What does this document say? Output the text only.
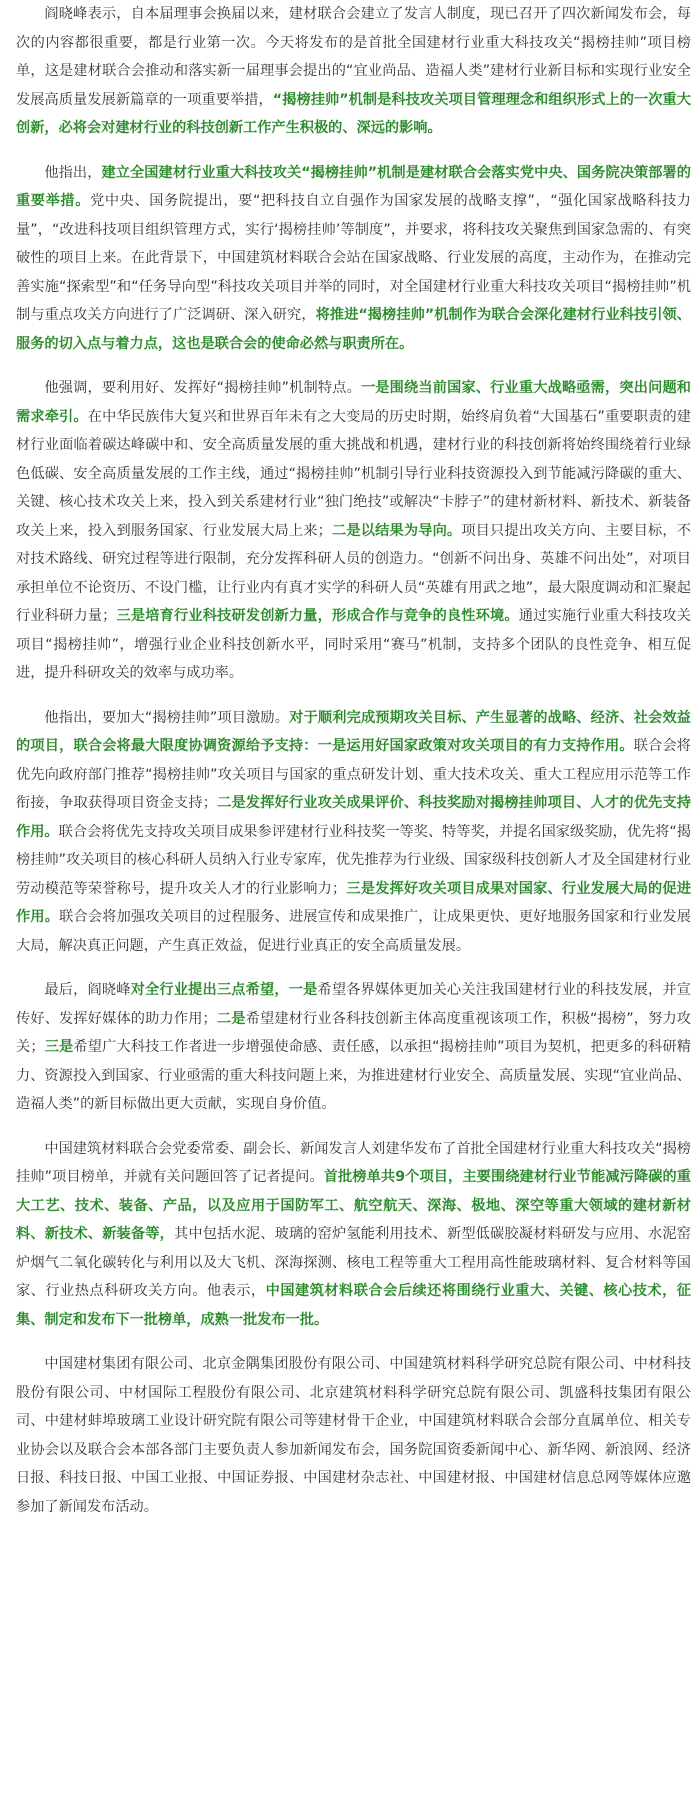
阎晓峰表示，自本届理事会换届以来，建材联合会建立了发言人制度，现已召开了四次新闻发布会，每次的内容都很重要，都是行业第一次。今天将发布的是首批全国建材行业重大科技攻关“揭榜挂帅”项目榜单，这是建材联合会推动和落实新一届理事会提出的“宜业尚品、造福人类”建材行业新目标和实现行业安全发展高质量发展新篇章的一项重要举措，“揭榜挂帅”机制是科技攻关项目管理理念和组织形式上的一次重大创新，必将会对建材行业的科技创新工作产生积极的、深远的影响。

他指出，建立全国建材行业重大科技攻关“揭榜挂帅”机制是建材联合会落实党中央、国务院决策部署的重要举措。党中央、国务院提出，要“把科技自立自强作为国家发展的战略支撑”，“强化国家战略科技力量”，“改进科技项目组织管理方式，实行‘揭榜挂帅’等制度”，并要求，将科技攻关聚焦到国家急需的、有突破性的项目上来。在此背景下，中国建筑材料联合会站在国家战略、行业发展的高度，主动作为，在推动完善实施“探索型”和“任务导向型”科技攻关项目并举的同时，对全国建材行业重大科技攻关项目“揭榜挂帅”机制与重点攻关方向进行了广泛调研、深入研究，将推进“揭榜挂帅”机制作为联合会深化建材行业科技引领、服务的切入点与着力点，这也是联合会的使命必然与职责所在。

他强调，要利用好、发挥好“揭榜挂帅”机制特点。一是围绕当前国家、行业重大战略亟需，突出问题和需求牵引。在中华民族伟大复兴和世界百年未有之大变局的历史时期，始终肩负着“大国基石”重要职责的建材行业面临着碳达峰碳中和、安全高质量发展的重大挑战和机遇，建材行业的科技创新将始终围绕着行业绿色低碳、安全高质量发展的工作主线，通过“揭榜挂帅”机制引导行业科技资源投入到节能减污降碳的重大、关键、核心技术攻关上来，投入到关系建材行业“独门绝技”或解决“卡脖子”的建材新材料、新技术、新装备攻关上来，投入到服务国家、行业发展大局上来；二是以结果为导向。项目只提出攻关方向、主要目标，不对技术路线、研究过程等进行限制，充分发挥科研人员的创造力。“创新不问出身、英雄不问出处”，对项目承担单位不论资历、不设门槛，让行业内有真才实学的科研人员“英雄有用武之地”，最大限度调动和汇聚起行业科研力量；三是培育行业科技研发创新力量，形成合作与竞争的良性环境。通过实施行业重大科技攻关项目“揭榜挂帅”，增强行业企业科技创新水平，同时采用“赛马”机制，支持多个团队的良性竞争、相互促进，提升科研攻关的效率与成功率。

他指出，要加大“揭榜挂帅”项目激励。对于顺利完成预期攻关目标、产生显著的战略、经济、社会效益的项目，联合会将最大限度协调资源给予支持：一是运用好国家政策对攻关项目的有力支持作用。联合会将优先向政府部门推荐“揭榜挂帅”攻关项目与国家的重点研发计划、重大技术攻关、重大工程应用示范等工作衔接，争取获得项目资金支持；二是发挥好行业攻关成果评价、科技奖励对揭榜挂帅项目、人才的优先支持作用。联合会将优先支持攻关项目成果参评建材行业科技奖一等奖、特等奖，并提名国家级奖励，优先将“揭榜挂帅”攻关项目的核心科研人员纳入行业专家库，优先推荐为行业级、国家级科技创新人才及全国建材行业劳动模范等荣誉称号，提升攻关人才的行业影响力；三是发挥好攻关项目成果对国家、行业发展大局的促进作用。联合会将加强攻关项目的过程服务、进展宣传和成果推广，让成果更快、更好地服务国家和行业发展大局，解决真正问题，产生真正效益，促进行业真正的安全高质量发展。

最后，阎晓峰对全行业提出三点希望，一是希望各界媒体更加关心关注我国建材行业的科技发展，并宣传好、发挥好媒体的助力作用；二是希望建材行业各科技创新主体高度重视该项工作，积极“揭榜”，努力攻关；三是希望广大科技工作者进一步增强使命感、责任感，以承担“揭榜挂帅”项目为契机，把更多的科研精力、资源投入到国家、行业亟需的重大科技问题上来，为推进建材行业安全、高质量发展、实现“宜业尚品、造福人类”的新目标做出更大贡献，实现自身价值。

中国建筑材料联合会党委常委、副会长、新闻发言人刘建华发布了首批全国建材行业重大科技攻关“揭榜挂帅”项目榜单，并就有关问题回答了记者提问。首批榜单共9个项目，主要围绕建材行业节能减污降碳的重大工艺、技术、装备、产品，以及应用于国防军工、航空航天、深海、极地、深空等重大领域的建材新材料、新技术、新装备等，其中包括水泥、玻璃的窑炉氢能利用技术、新型低碳胶凝材料研发与应用、水泥窑炉烟气二氧化碳转化与利用以及大飞机、深海探测、核电工程等重大工程用高性能玻璃材料、复合材料等国家、行业热点科研攻关方向。他表示，中国建筑材料联合会后续还将围绕行业重大、关键、核心技术，征集、制定和发布下一批榜单，成熟一批发布一批。

中国建材集团有限公司、北京金隅集团股份有限公司、中国建筑材料科学研究总院有限公司、中材科技股份有限公司、中材国际工程股份有限公司、北京建筑材料科学研究总院有限公司、凯盛科技集团有限公司、中建材蚌埠玻璃工业设计研究院有限公司等建材骨干企业，中国建筑材料联合会部分直属单位、相关专业协会以及联合会本部各部门主要负责人参加新闻发布会，国务院国资委新闻中心、新华网、新浪网、经济日报、科技日报、中国工业报、中国证券报、中国建材杂志社、中国建材报、中国建材信息总网等媒体应邀参加了新闻发布活动。
